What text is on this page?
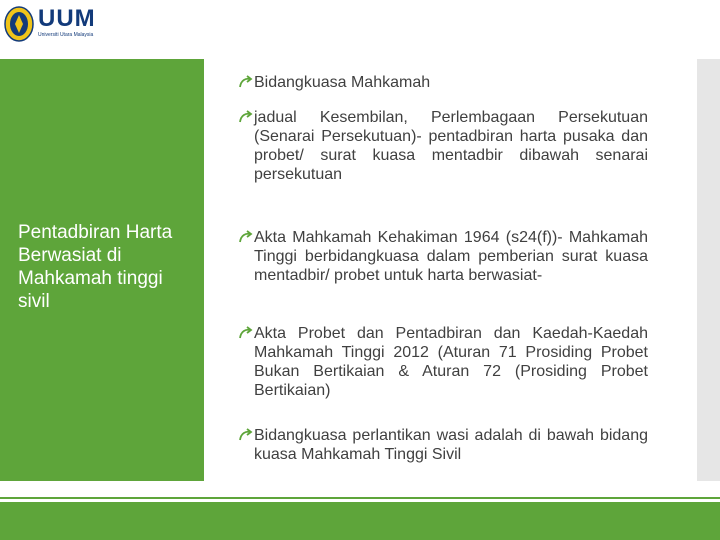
UUM
Universiti Utara Malaysia
Pentadbiran Harta Berwasiat di Mahkamah tinggi sivil
Bidangkuasa Mahkamah
jadual Kesembilan, Perlembagaan Persekutuan (Senarai Persekutuan)- pentadbiran harta pusaka dan probet/ surat kuasa mentadbir dibawah senarai persekutuan
Akta Mahkamah Kehakiman 1964 (s24(f))- Mahkamah Tinggi berbidangkuasa dalam pemberian surat kuasa mentadbir/ probet untuk harta berwasiat-
Akta Probet dan Pentadbiran dan Kaedah-Kaedah Mahkamah Tinggi 2012 (Aturan 71 Prosiding Probet Bukan Bertikaian & Aturan 72 (Prosiding Probet Bertikaian)
Bidangkuasa perlantikan wasi adalah di bawah bidang kuasa Mahkamah Tinggi Sivil
